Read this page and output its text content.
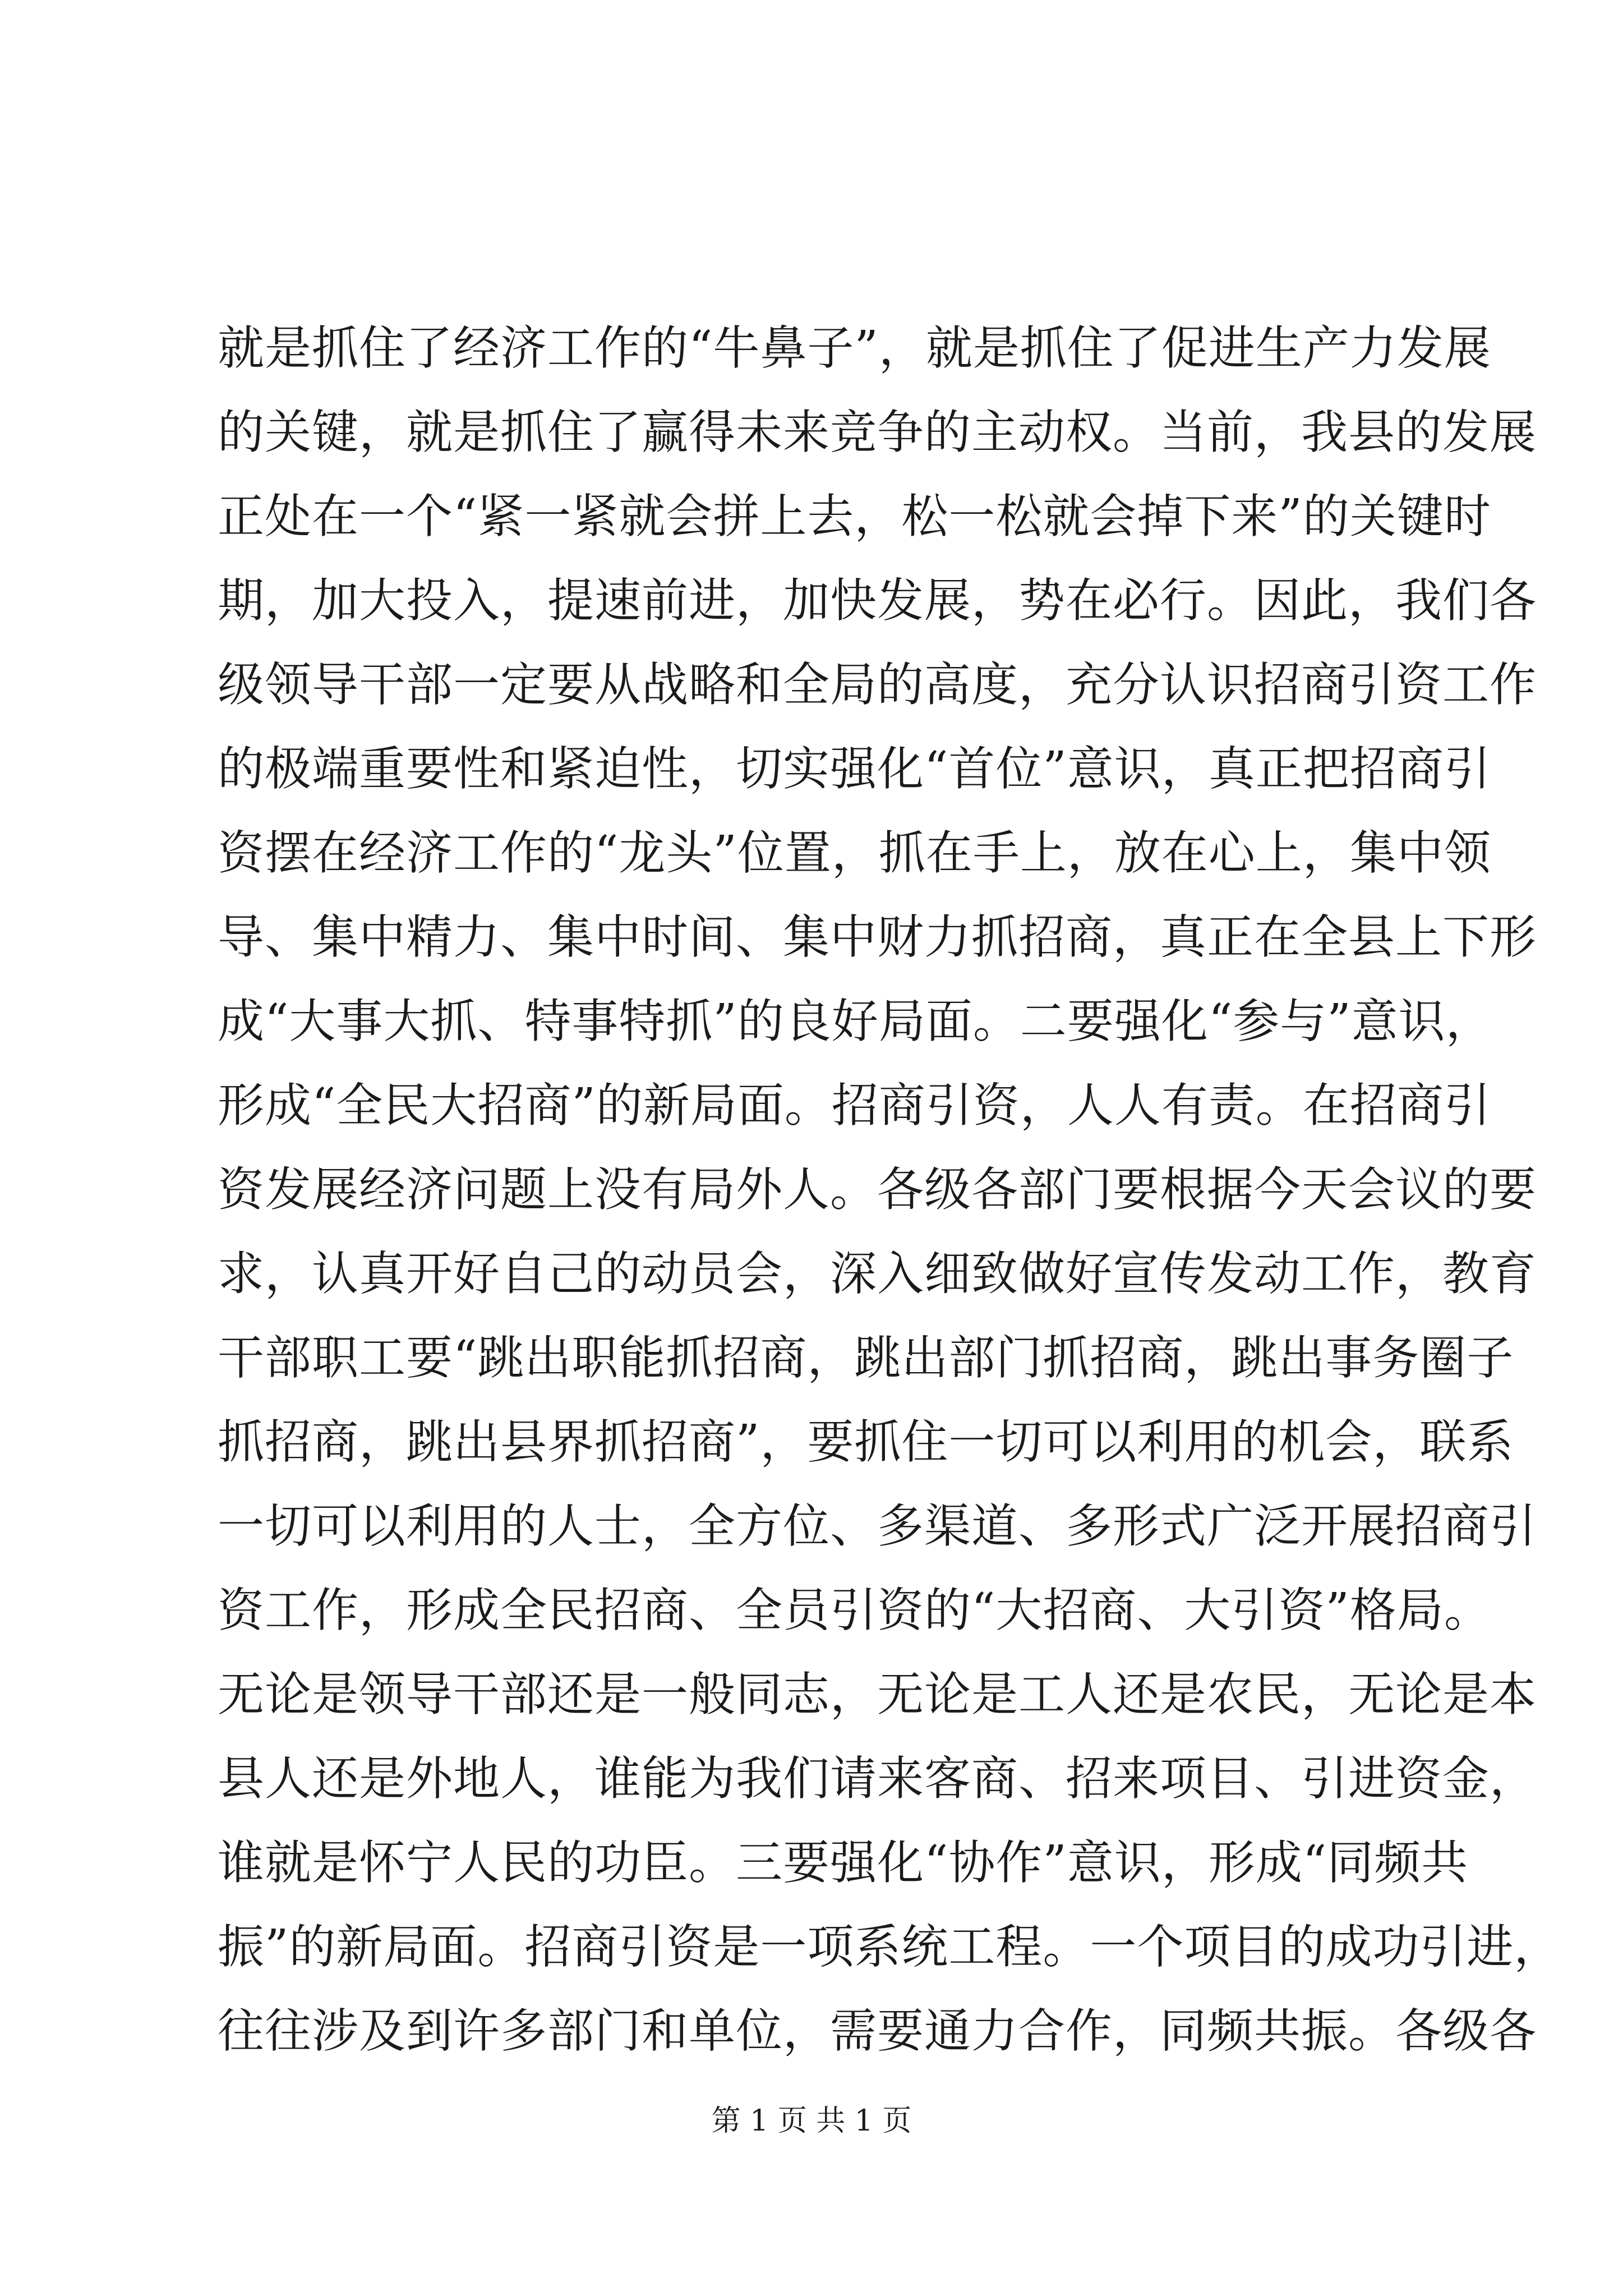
就是抓住了经济工作的“牛鼻子”，就是抓住了促进生产力发展
的关键，就是抓住了赢得未来竞争的主动权。当前，我县的发展
正处在一个“紧一紧就会拼上去，松一松就会掉下来”的关键时
期，加大投入，提速前进，加快发展，势在必行。因此，我们各
级领导干部一定要从战略和全局的高度，充分认识招商引资工作
的极端重要性和紧迫性，切实强化“首位”意识，真正把招商引
资摆在经济工作的“龙头”位置，抓在手上，放在心上，集中领
导、集中精力、集中时间、集中财力抓招商，真正在全县上下形
成“大事大抓、特事特抓”的良好局面。二要强化“参与”意识，
形成“全民大招商”的新局面。招商引资，人人有责。在招商引
资发展经济问题上没有局外人。各级各部门要根据今天会议的要
求，认真开好自己的动员会，深入细致做好宣传发动工作，教育
干部职工要“跳出职能抓招商，跳出部门抓招商，跳出事务圈子
抓招商，跳出县界抓招商”，要抓住一切可以利用的机会，联系
一切可以利用的人士，全方位、多渠道、多形式广泛开展招商引
资工作，形成全民招商、全员引资的“大招商、大引资”格局。
无论是领导干部还是一般同志，无论是工人还是农民，无论是本
县人还是外地人，谁能为我们请来客商、招来项目、引进资金，
谁就是怀宁人民的功臣。三要强化“协作”意识，形成“同频共
振”的新局面。招商引资是一项系统工程。一个项目的成功引进，
往往涉及到许多部门和单位，需要通力合作，同频共振。各级各
第 1 页 共 1 页
